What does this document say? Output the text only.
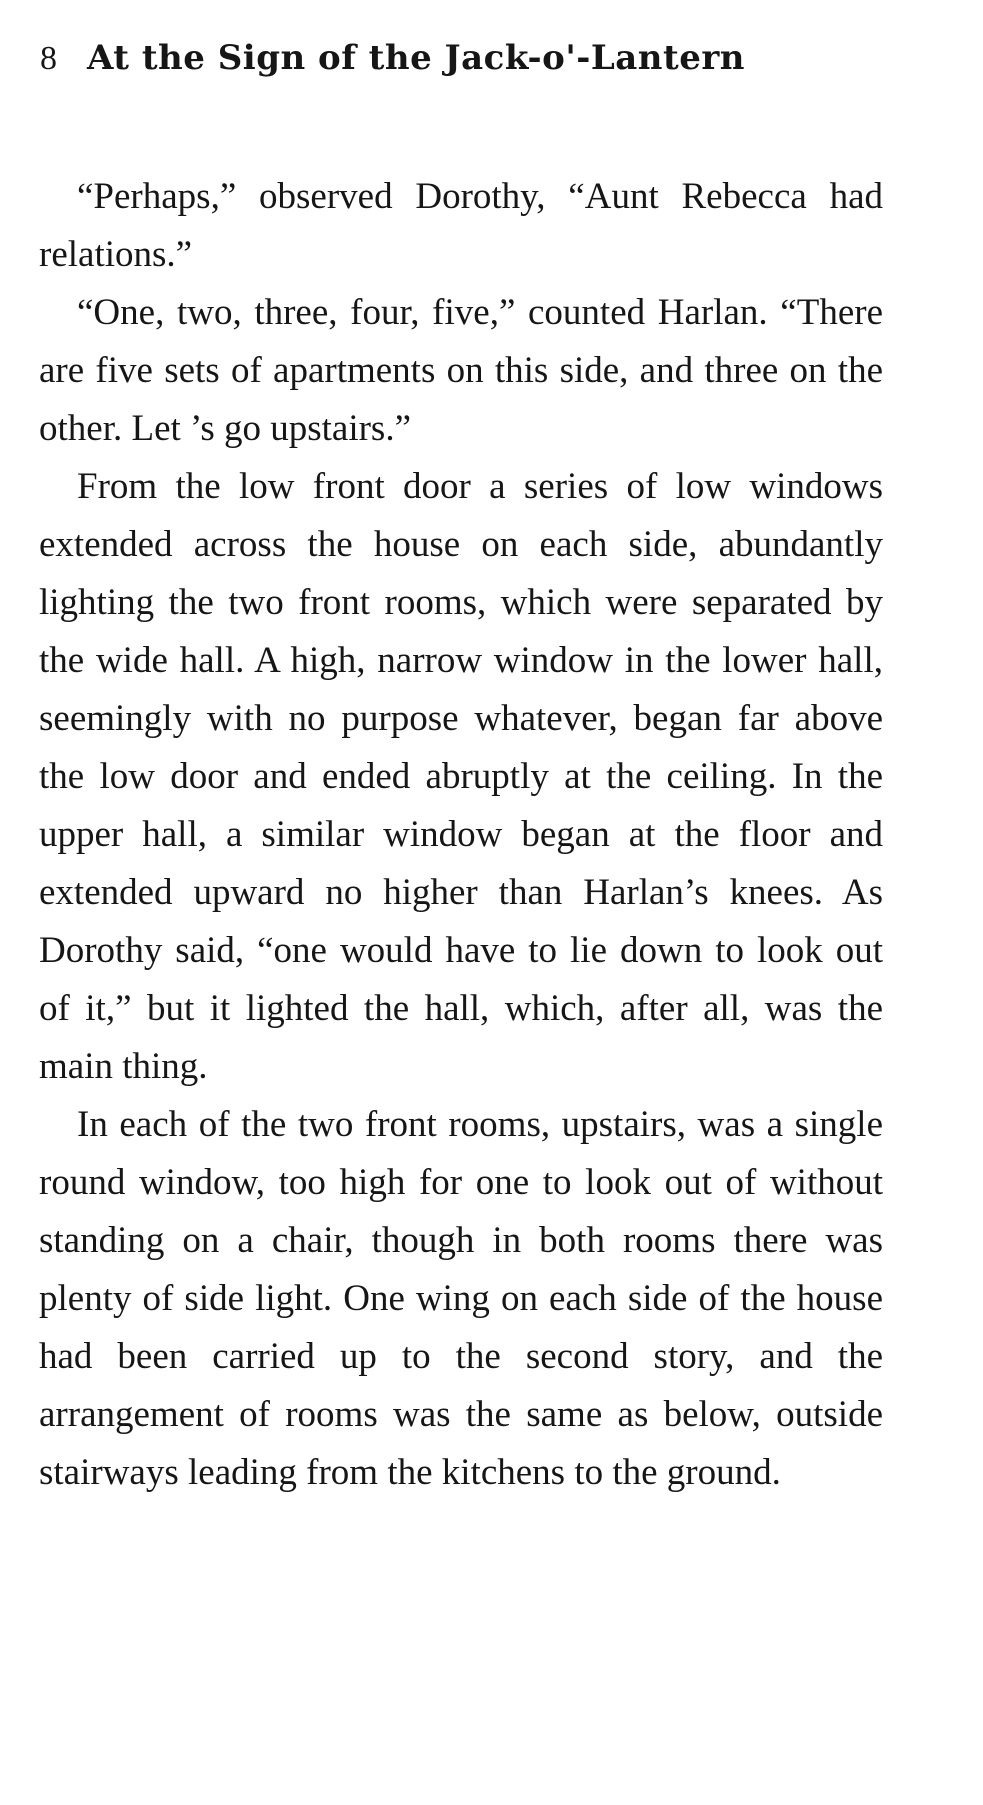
8 At the Sign of the Jack-o'-Lantern

“Perhaps,” observed Dorothy, “Aunt Rebecca had relations.”

“One, two, three, four, five,” counted Harlan. “There are five sets of apartments on this side, and three on the other. Let ’s go upstairs.”

From the low front door a series of low windows extended across the house on each side, abundantly lighting the two front rooms, which were separated by the wide hall. A high, narrow window in the lower hall, seemingly with no purpose whatever, began far above the low door and ended abruptly at the ceiling. In the upper hall, a similar window began at the floor and extended upward no higher than Harlan’s knees. As Dorothy said, “one would have to lie down to look out of it,” but it lighted the hall, which, after all, was the main thing.

In each of the two front rooms, upstairs, was a single round window, too high for one to look out of without standing on a chair, though in both rooms there was plenty of side light. One wing on each side of the house had been carried up to the second story, and the arrangement of rooms was the same as below, outside stairways leading from the kitchens to the ground.
